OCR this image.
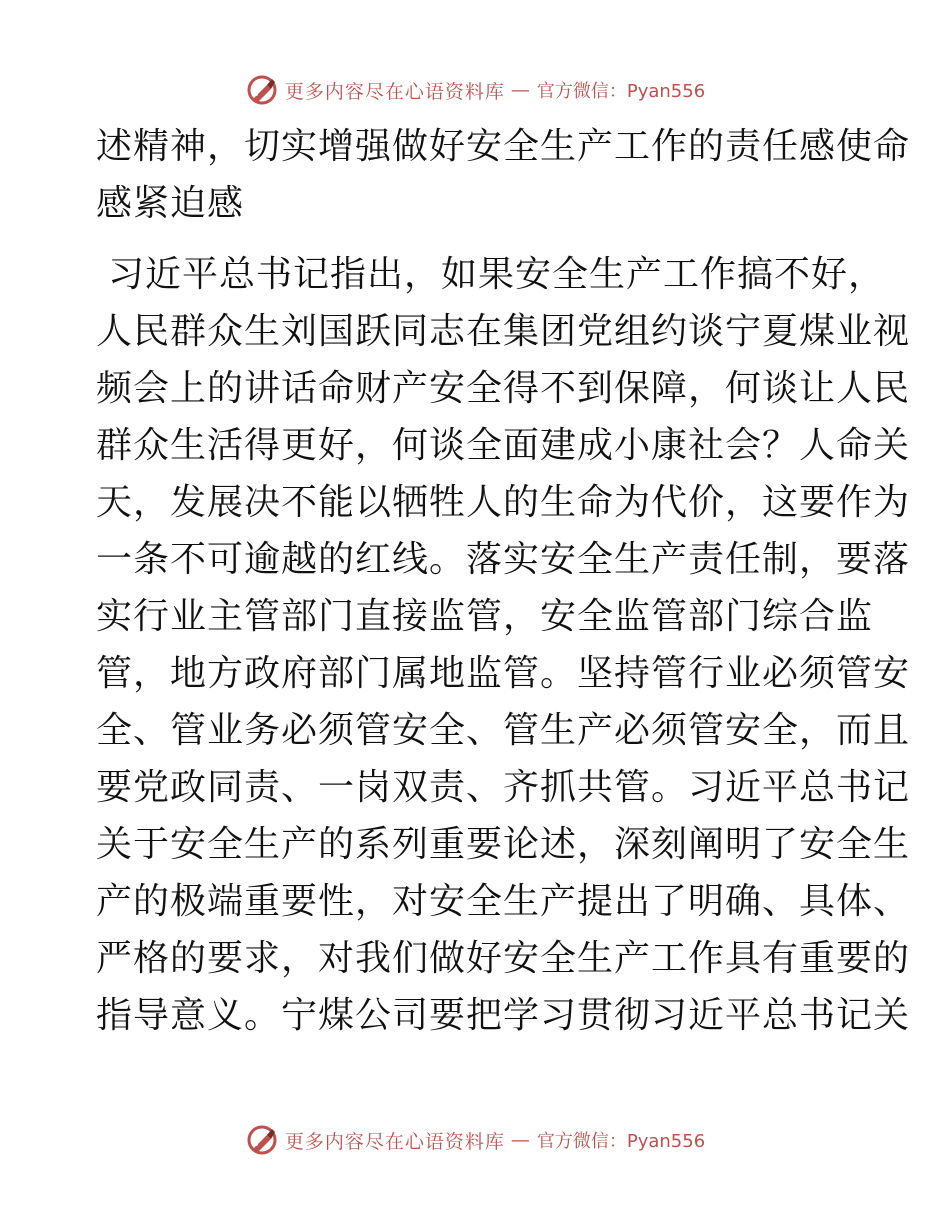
更多内容尽在心语资料库 — 官方微信：Pyan556
述精神，切实增强做好安全生产工作的责任感使命
感紧迫感
习近平总书记指出，如果安全生产工作搞不好，
人民群众生刘国跃同志在集团党组约谈宁夏煤业视
频会上的讲话命财产安全得不到保障，何谈让人民
群众生活得更好，何谈全面建成小康社会？人命关
天，发展决不能以牺牲人的生命为代价，这要作为
一条不可逾越的红线。落实安全生产责任制，要落
实行业主管部门直接监管，安全监管部门综合监
管，地方政府部门属地监管。坚持管行业必须管安
全、管业务必须管安全、管生产必须管安全，而且
要党政同责、一岗双责、齐抓共管。习近平总书记
关于安全生产的系列重要论述，深刻阐明了安全生
产的极端重要性，对安全生产提出了明确、具体、
严格的要求，对我们做好安全生产工作具有重要的
指导意义。宁煤公司要把学习贯彻习近平总书记关
更多内容尽在心语资料库 — 官方微信：Pyan556
